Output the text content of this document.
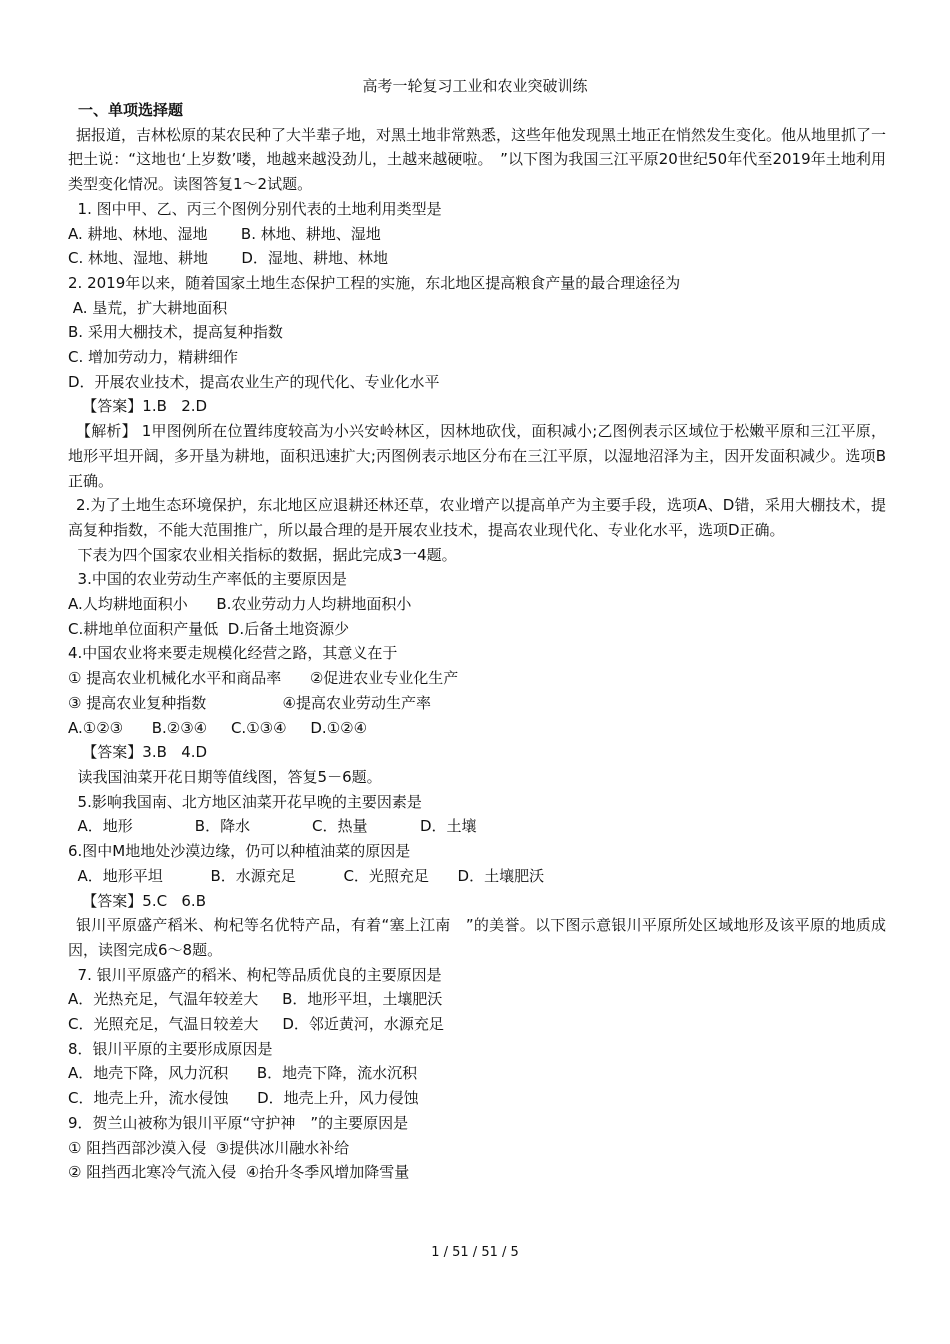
高考一轮复习工业和农业突破训练
一、单项选择题
据报道，吉林松原的某农民种了大半辈子地，对黑土地非常熟悉，这些年他发现黑土地正在悄然发生变化。他从地里抓了一把土说：“这地也‘上岁数’喽，地越来越没劲儿，土越来越硬啦。　”以下图为我国三江平原20世纪50年代至2019年土地利用类型变化情况。读图答复1～2试题。
1. 图中甲、乙、丙三个图例分别代表的土地利用类型是
A. 耕地、林地、湿地       B. 林地、耕地、湿地
C. 林地、湿地、耕地       D．湿地、耕地、林地
2. 2019年以来，随着国家土地生态保护工程的实施，东北地区提高粮食产量的最合理途径为
A. 垦荒，扩大耕地面积
B. 采用大棚技术，提高复种指数
C. 增加劳动力，精耕细作
D．开展农业技术，提高农业生产的现代化、专业化水平
【答案】1.B   2.D
【解析】 1甲图例所在位置纬度较高为小兴安岭林区，因林地砍伐，面积减小;乙图例表示区域位于松嫩平原和三江平原，地形平坦开阔，多开垦为耕地，面积迅速扩大;丙图例表示地区分布在三江平原，以湿地沼泽为主，因开发面积减少。选项B正确。
2.为了土地生态环境保护，东北地区应退耕还林还草，农业增产以提高单产为主要手段，选项A、D错，采用大棚技术，提高复种指数，不能大范围推广，所以最合理的是开展农业技术，提高农业现代化、专业化水平，选项D正确。
下表为四个国家农业相关指标的数据，据此完成3一4题。
3.中国的农业劳动生产率低的主要原因是
A.人均耕地面积小      B.农业劳动力人均耕地面积小
C.耕地单位面积产量低  D.后备土地资源少
4.中国农业将来要走规模化经营之路，其意义在于
① 提高农业机械化水平和商品率      ②促进农业专业化生产
③ 提高农业复种指数                ④提高农业劳动生产率
A.①②③      B.②③④     C.①③④     D.①②④
【答案】3.B   4.D
读我国油菜开花日期等值线图，答复5－6题。
5.影响我国南、北方地区油菜开花早晚的主要因素是
A．地形             B．降水             C．热量           D．土壤
6.图中M地地处沙漠边缘，仍可以种植油菜的原因是
A．地形平坦          B．水源充足          C．光照充足      D．土壤肥沃
【答案】5.C   6.B
银川平原盛产稻米、枸杞等名优特产品，有着“塞上江南　”的美誉。以下图示意银川平原所处区域地形及该平原的地质成因，读图完成6～8题。
7. 银川平原盛产的稻米、枸杞等品质优良的主要原因是
A．光热充足，气温年较差大     B．地形平坦，土壤肥沃
C．光照充足，气温日较差大     D．邻近黄河，水源充足
8．银川平原的主要形成原因是
A．地壳下降，风力沉积      B．地壳下降，流水沉积
C．地壳上升，流水侵蚀      D．地壳上升，风力侵蚀
9．贺兰山被称为银川平原“守护神　”的主要原因是
① 阻挡西部沙漠入侵  ③提供冰川融水补给
② 阻挡西北寒冷气流入侵  ④抬升冬季风增加降雪量
1 / 51 / 51 / 5
